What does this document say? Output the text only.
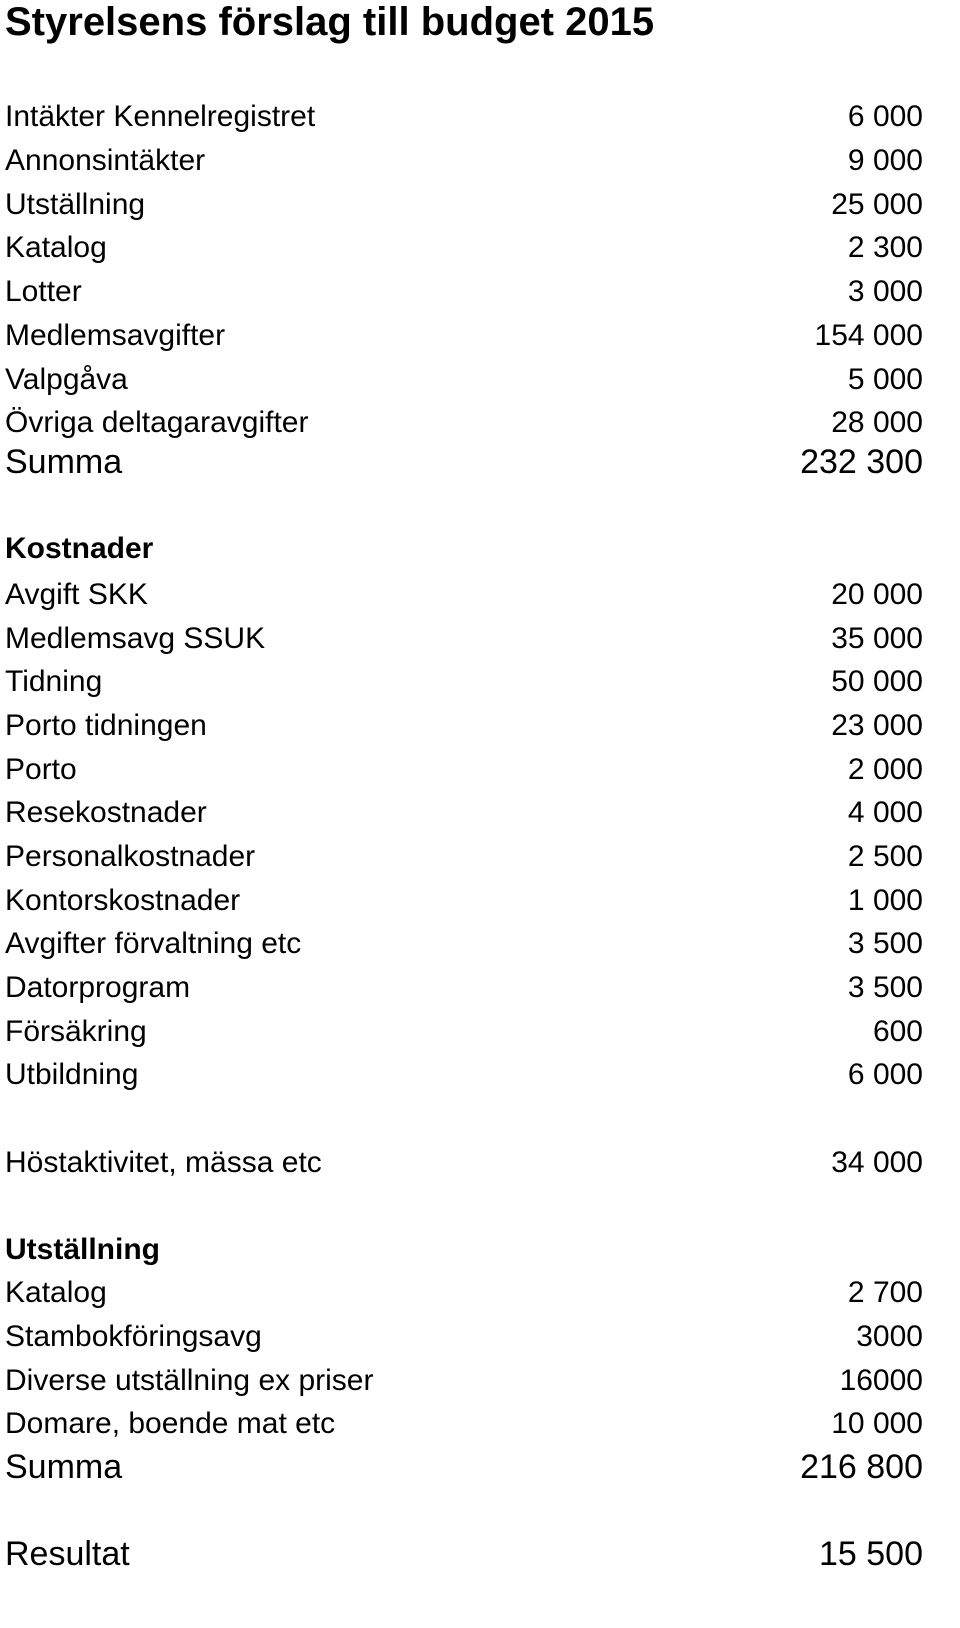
Styrelsens förslag till budget 2015
Intäkter Kennelregistret	6 000
Annonsintäkter	9 000
Utställning	25 000
Katalog	2 300
Lotter	3 000
Medlemsavgifter	154 000
Valpgåva	5 000
Övriga deltagaravgifter	28 000
Summa	232 300
Kostnader
Avgift SKK	20 000
Medlemsavg SSUK	35 000
Tidning	50 000
Porto tidningen	23 000
Porto	2 000
Resekostnader	4 000
Personalkostnader	2 500
Kontorskostnader	1 000
Avgifter förvaltning etc	3 500
Datorprogram	3 500
Försäkring	600
Utbildning	6 000
Höstaktivitet, mässa etc	34 000
Utställning
Katalog	2 700
Stambokföringsavg	3000
Diverse utställning ex priser	16000
Domare, boende mat etc	10 000
Summa	216 800
Resultat	15 500
